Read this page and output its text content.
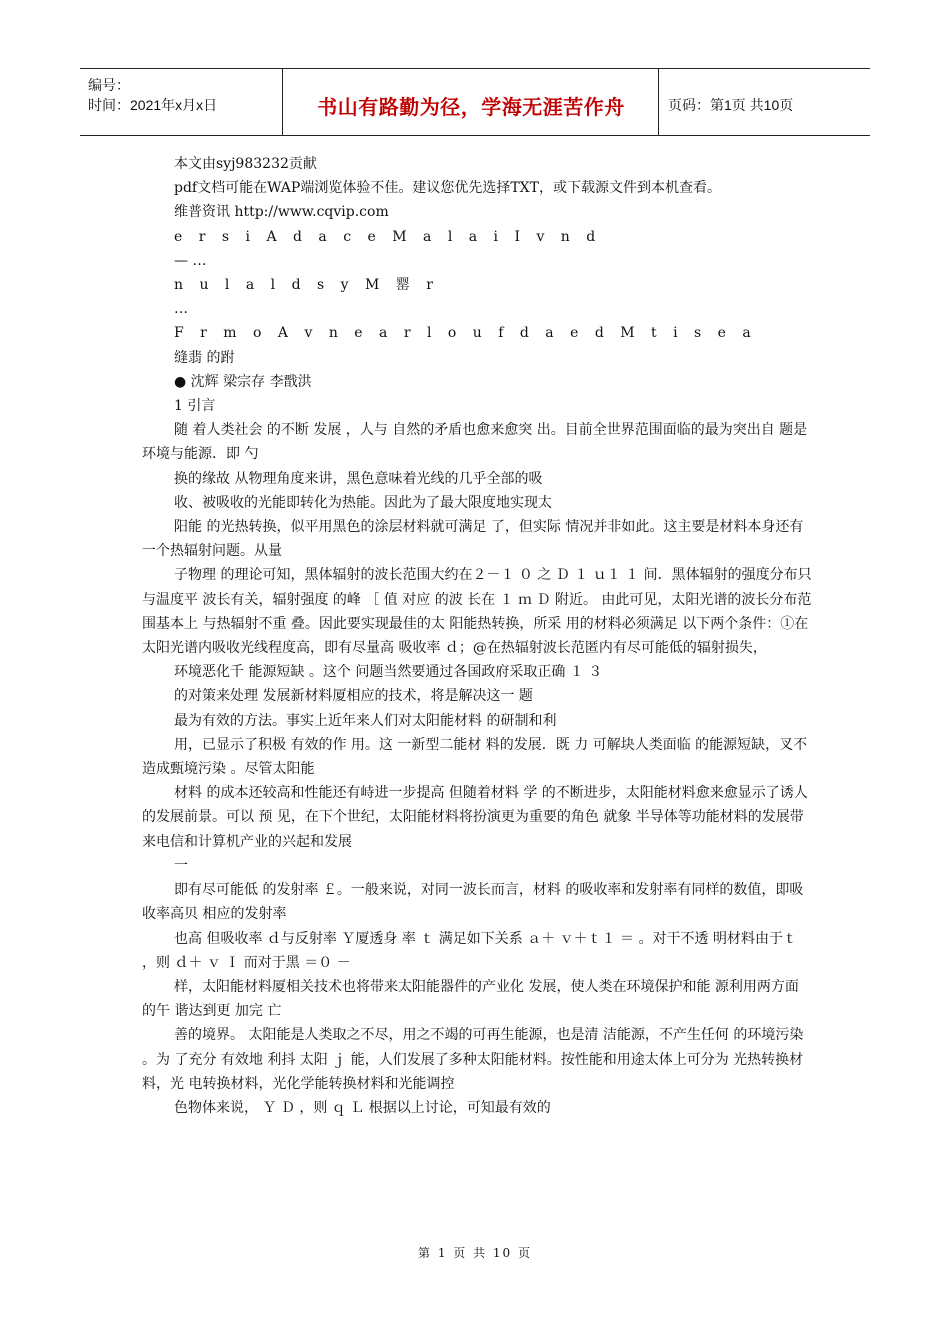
编号：
时间：2021年x月x日	书山有路勤为径，学海无涯苦作舟	页码：第1页 共10页

本文由syj983232贡献

pdf文档可能在WAP端浏览体验不佳。建议您优先选择TXT，或下载源文件到本机查看。

维普资讯 http://www.cqvip.com

e r s i A d a c e M a l a i I v n d

— …

n u l a l d s y M 罂 r

…

F r m o A v n e a r l o u f d a e d M t i s e a

缝翡 的跗

● 沈辉 梁宗存 李戬洪

1 引言

随 着人类社会 的不断 发展 ，人与 自然的矛盾也愈来愈突 出。目前全世界范围面临的最为突出自 题是环境与能源．即 勺

换的缘故 从物理角度来讲，黑色意味着光线的几乎全部的吸

收、被吸收的光能即转化为热能。因此为了最大限度地实现太

阳能 的光热转换，似平用黑色的涂层材料就可满足 了，但实际 情况并非如此。这主要是材料本身还有一个热辐射问题。从量

子物理 的理论可知，黑体辐射的波长范围大约在２－１ ０ 之 Ｄ １ ｕ１ １ 间．黑体辐射的强度分布只与温度平 波长有关，辐射强度 的峰 ［ 值 对应 的波 长在 １ ｍ Ｄ 附近。 由此可见，太阳光谱的波长分布范围基本上 与热辐射不重 叠。因此要实现最佳的太 阳能热转换，所采 用的材料必须满足 以下两个条件：①在太阳光谱内吸收光线程度高，即有尽量高 吸收率 ｄ；@在热辐射波长范匿内有尽可能低的辐射损失，

环境恶化千 能源短缺 。这个 问题当然要通过各国政府采取正确 １ ３

的对策来处理 发展新材料厦相应的技术，将是解决这一 题

最为有效的方法。事实上近年来人们对太阳能材料 的研制和利

用，已显示了积极 有效的作 用。这 一新型二能材 料的发展．既 力 可解块人类面临 的能源短缺，叉不造成甄境污染 。尽管太阳能

材料 的成本还较高和性能还有峙进一步提高 但随着材料 学 的不断进步，太阳能材料愈来愈显示了诱人的发展前景。可以 预 见，在下个世纪，太阳能材料将扮演更为重要的角色 就象 半导体等功能材料的发展带来电信和计算机产业的兴起和发展

一

即有尽可能低 的发射率 ￡。一般来说，对同一波长而言，材料 的吸收率和发射率有同样的数值，即吸收率高贝 相应的发射率

也高 但吸收率 ｄ与反射率 Ｙ厦透身 率 ｔ 满足如下关系 ａ＋ ｖ＋ｔ１ ＝ 。对干不透 明材料由于ｔ ，则 ｄ＋ ｖ Ｉ 而对于黑 ＝０ －

样，太阳能材料厦相关技术也将带来太阳能器件的产业化 发展，使人类在环境保护和能 源利用两方面的午 谐达到更 加完 亡

善的境界。 太阳能是人类取之不尽，用之不竭的可再生能源，也是清 洁能源，不产生任何 的环境污染 。为 了充分 有效地 利抖 太阳 ｊ 能，人们发展了多种太阳能材料。按性能和用途太体上可分为 光热转换材料，光 电转换材料，光化学能转换材料和光能调控

色物体来说， Ｙ Ｄ ，则 ｑ Ｌ 根据以上讨论，可知最有效的

第 1 页 共 10 页
